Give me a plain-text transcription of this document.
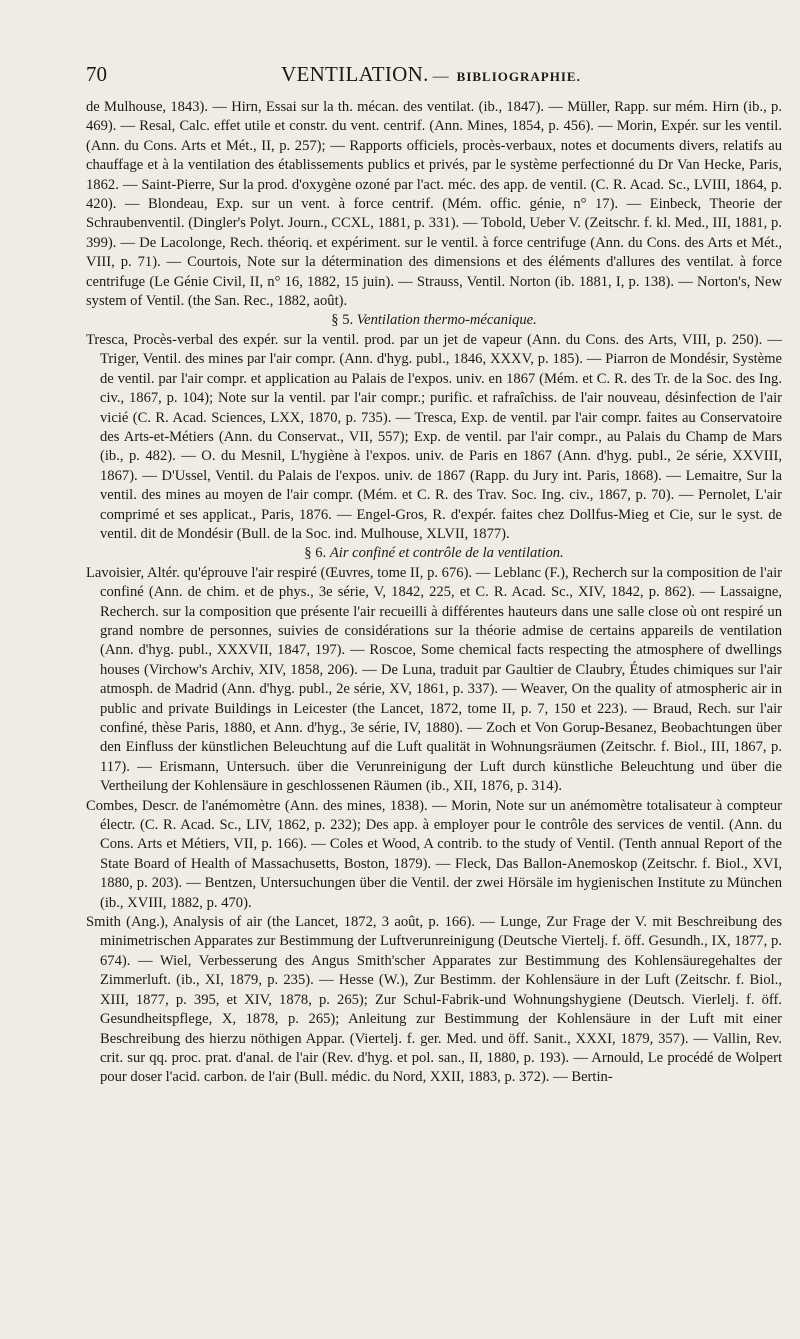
70	VENTILATION.
—
BIBLIOGRAPHIE.

de Mulhouse, 1843). — Hirn, Essai sur la th. mécan. des ventilat. (ib., 1847). — Müller, Rapp. sur mém. Hirn (ib., p. 469). — Resal, Calc. effet utile et constr. du vent. centrif. (Ann. Mines, 1854, p. 456). — Morin, Expér. sur les ventil. (Ann. du Cons. Arts et Mét., II, p. 257); — Rapports officiels, procès-verbaux, notes et documents divers, relatifs au chauffage et à la ventilation des établissements publics et privés, par le système perfectionné du Dr Van Hecke, Paris, 1862. — Saint-Pierre, Sur la prod. d'oxygène ozoné par l'act. méc. des app. de ventil. (C. R. Acad. Sc., LVIII, 1864, p. 420). — Blondeau, Exp. sur un vent. à force centrif. (Mém. offic. génie, n° 17). — Einbeck, Theorie der Schraubenventil. (Dingler's Polyt. Journ., CCXL, 1881, p. 331). — Tobold, Ueber V. (Zeitschr. f. kl. Med., III, 1881, p. 399). — De Lacolonge, Rech. théoriq. et expériment. sur le ventil. à force centrifuge (Ann. du Cons. des Arts et Mét., VIII, p. 71). — Courtois, Note sur la détermination des dimensions et des éléments d'allures des ventilat. à force centrifuge (Le Génie Civil, II, n° 16, 1882, 15 juin). — Strauss, Ventil. Norton (ib. 1881, I, p. 138). — Norton's, New system of Ventil. (the San. Rec., 1882, août).

§ 5. Ventilation thermo-mécanique.

Tresca, Procès-verbal des expér. sur la ventil. prod. par un jet de vapeur (Ann. du Cons. des Arts, VIII, p. 250). — Triger, Ventil. des mines par l'air compr. (Ann. d'hyg. publ., 1846, XXXV, p. 185). — Piarron de Mondésir, Système de ventil. par l'air compr. et application au Palais de l'expos. univ. en 1867 (Mém. et C. R. des Tr. de la Soc. des Ing. civ., 1867, p. 104); Note sur la ventil. par l'air compr.; purific. et rafraîchiss. de l'air nouveau, désinfection de l'air vicié (C. R. Acad. Sciences, LXX, 1870, p. 735). — Tresca, Exp. de ventil. par l'air compr. faites au Conservatoire des Arts-et-Métiers (Ann. du Conservat., VII, 557); Exp. de ventil. par l'air compr., au Palais du Champ de Mars (ib., p. 482). — O. du Mesnil, L'hygiène à l'expos. univ. de Paris en 1867 (Ann. d'hyg. publ., 2e série, XXVIII, 1867). — D'Ussel, Ventil. du Palais de l'expos. univ. de 1867 (Rapp. du Jury int. Paris, 1868). — Lemaitre, Sur la ventil. des mines au moyen de l'air compr. (Mém. et C. R. des Trav. Soc. Ing. civ., 1867, p. 70). — Pernolet, L'air comprimé et ses applicat., Paris, 1876. — Engel-Gros, R. d'expér. faites chez Dollfus-Mieg et Cie, sur le syst. de ventil. dit de Mondésir (Bull. de la Soc. ind. Mulhouse, XLVII, 1877).

§ 6. Air confiné et contrôle de la ventilation.

Lavoisier, Altér. qu'éprouve l'air respiré (Œuvres, tome II, p. 676). — Leblanc (F.), Recherch sur la composition de l'air confiné (Ann. de chim. et de phys., 3e série, V, 1842, 225, et C. R. Acad. Sc., XIV, 1842, p. 862). — Lassaigne, Recherch. sur la composition que présente l'air recueilli à différentes hauteurs dans une salle close où ont respiré un grand nombre de personnes, suivies de considérations sur la théorie admise de certains appareils de ventilation (Ann. d'hyg. publ., XXXVII, 1847, 197). — Roscoe, Some chemical facts respecting the atmosphere of dwellings houses (Virchow's Archiv, XIV, 1858, 206). — De Luna, traduit par Gaultier de Claubry, Études chimiques sur l'air atmosph. de Madrid (Ann. d'hyg. publ., 2e série, XV, 1861, p. 337). — Weaver, On the quality of atmospheric air in public and private Buildings in Leicester (the Lancet, 1872, tome II, p. 7, 150 et 223). — Braud, Rech. sur l'air confiné, thèse Paris, 1880, et Ann. d'hyg., 3e série, IV, 1880). — Zoch et Von Gorup-Besanez, Beobachtungen über den Einfluss der künstlichen Beleuchtung auf die Luft qualität in Wohnungsräumen (Zeitschr. f. Biol., III, 1867, p. 117). — Erismann, Untersuch. über die Verunreinigung der Luft durch künstliche Beleuchtung und über die Vertheilung der Kohlensäure in geschlossenen Räumen (ib., XII, 1876, p. 314).

Combes, Descr. de l'anémomètre (Ann. des mines, 1838). — Morin, Note sur un anémomètre totalisateur à compteur électr. (C. R. Acad. Sc., LIV, 1862, p. 232); Des app. à employer pour le contrôle des services de ventil. (Ann. du Cons. Arts et Métiers, VII, p. 166). — Coles et Wood, A contrib. to the study of Ventil. (Tenth annual Report of the State Board of Health of Massachusetts, Boston, 1879). — Fleck, Das Ballon-Anemoskop (Zeitschr. f. Biol., XVI, 1880, p. 203). — Bentzen, Untersuchungen über die Ventil. der zwei Hörsäle im hygienischen Institute zu München (ib., XVIII, 1882, p. 470).

Smith (Ang.), Analysis of air (the Lancet, 1872, 3 août, p. 166). — Lunge, Zur Frage der V. mit Beschreibung des minimetrischen Apparates zur Bestimmung der Luftverunreinigung (Deutsche Viertelj. f. öff. Gesundh., IX, 1877, p. 674). — Wiel, Verbesserung des Angus Smith'scher Apparates zur Bestimmung des Kohlensäuregehaltes der Zimmerluft. (ib., XI, 1879, p. 235). — Hesse (W.), Zur Bestimm. der Kohlensäure in der Luft (Zeitschr. f. Biol., XIII, 1877, p. 395, et XIV, 1878, p. 265); Zur Schul-Fabrik-und Wohnungshygiene (Deutsch. Vierlelj. f. öff. Gesundheitspflege, X, 1878, p. 265); Anleitung zur Bestimmung der Kohlensäure in der Luft mit einer Beschreibung des hierzu nöthigen Appar. (Viertelj. f. ger. Med. und öff. Sanit., XXXI, 1879, 357). — Vallin, Rev. crit. sur qq. proc. prat. d'anal. de l'air (Rev. d'hyg. et pol. san., II, 1880, p. 193). — Arnould, Le procédé de Wolpert pour doser l'acid. carbon. de l'air (Bull. médic. du Nord, XXII, 1883, p. 372). — Bertin-
